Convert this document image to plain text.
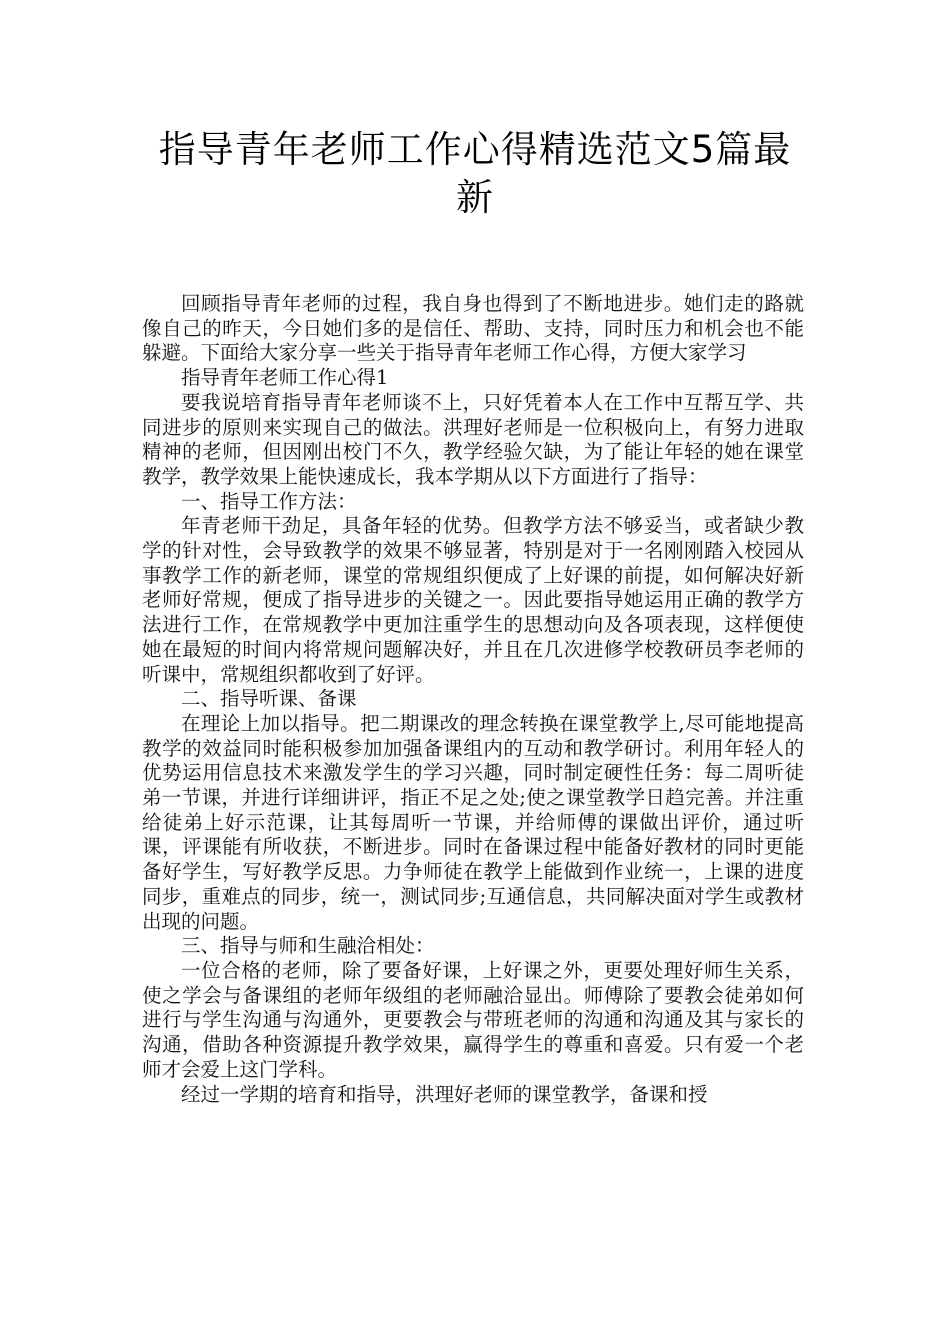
指导青年老师工作心得精选范文5篇最新

回顾指导青年老师的过程，我自身也得到了不断地进步。她们走的路就像自己的昨天，今日她们多的是信任、帮助、支持，同时压力和机会也不能躲避。下面给大家分享一些关于指导青年老师工作心得，方便大家学习

指导青年老师工作心得1

要我说培育指导青年老师谈不上，只好凭着本人在工作中互帮互学、共同进步的原则来实现自己的做法。洪理好老师是一位积极向上，有努力进取精神的老师，但因刚出校门不久，教学经验欠缺，为了能让年轻的她在课堂教学，教学效果上能快速成长，我本学期从以下方面进行了指导：

一、指导工作方法：

年青老师干劲足，具备年轻的优势。但教学方法不够妥当，或者缺少教学的针对性，会导致教学的效果不够显著，特别是对于一名刚刚踏入校园从事教学工作的新老师，课堂的常规组织便成了上好课的前提，如何解决好新老师好常规，便成了指导进步的关键之一。因此要指导她运用正确的教学方法进行工作，在常规教学中更加注重学生的思想动向及各项表现，这样便使她在最短的时间内将常规问题解决好，并且在几次进修学校教研员李老师的听课中，常规组织都收到了好评。

二、指导听课、备课

在理论上加以指导。把二期课改的理念转换在课堂教学上,尽可能地提高教学的效益同时能积极参加加强备课组内的互动和教学研讨。利用年轻人的优势运用信息技术来激发学生的学习兴趣，同时制定硬性任务：每二周听徒弟一节课，并进行详细讲评，指正不足之处;使之课堂教学日趋完善。并注重给徒弟上好示范课，让其每周听一节课，并给师傅的课做出评价，通过听课，评课能有所收获，不断进步。同时在备课过程中能备好教材的同时更能备好学生，写好教学反思。力争师徒在教学上能做到作业统一，上课的进度同步，重难点的同步，统一，测试同步;互通信息，共同解决面对学生或教材出现的问题。

三、指导与师和生融洽相处：

一位合格的老师，除了要备好课，上好课之外，更要处理好师生关系，使之学会与备课组的老师年级组的老师融洽显出。师傅除了要教会徒弟如何进行与学生沟通与沟通外，更要教会与带班老师的沟通和沟通及其与家长的沟通，借助各种资源提升教学效果，赢得学生的尊重和喜爱。只有爱一个老师才会爱上这门学科。

经过一学期的培育和指导，洪理好老师的课堂教学，备课和授
